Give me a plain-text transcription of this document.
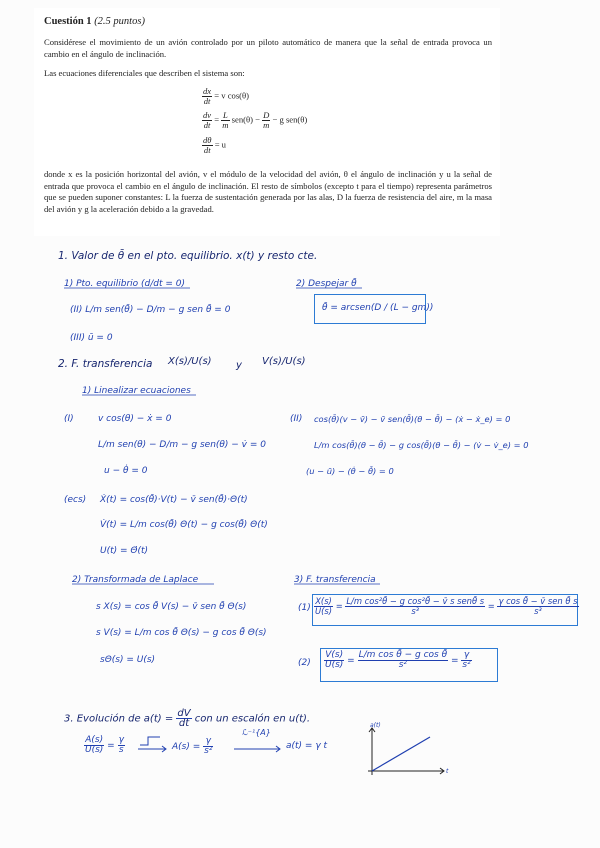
Cuestión 1 (2.5 puntos)
Considérese el movimiento de un avión controlado por un piloto automático de manera que la señal de entrada provoca un cambio en el ángulo de inclinación.
Las ecuaciones diferenciales que describen el sistema son:
$\frac{dx}{dt} = v$ cos(θ)
$\frac{dv}{dt} = \frac{L}{m} sen(\theta) - \frac{D}{m} - g$ sen(θ)
$\frac{d\theta}{dt} = u$
donde x es la posición horizontal del avión, v el módulo de la velocidad del avión, θ el ángulo de inclinación y u la señal de entrada que provoca el cambio en el ángulo de inclinación. El resto de símbolos (excepto t para el tiempo) representa parámetros que se pueden suponer constantes: L la fuerza de sustentación generada por las alas, D la fuerza de resistencia del aire, m la masa del avión y g la aceleración debido a la gravedad.
1. Valor de θ̄ en el pto. equilibrio. x(t) y resto cte.
1) Pto. equilibrio (d/dt = 0)	2) Despejar θ̄
(II) L/m sen(θ̄) − D/m − g sen θ̄ = 0
(III) ū = 0
θ̄ = arcsen(D / (L − gm))
2. F. transferencia X(s)/U(s) y V(s)/U(s)
1) Linealizar ecuaciones
(I)	v cos(θ) − ẋ = 0
L/m sen(θ) − D/m − g sen(θ) − v̇ = 0
u − θ̇ = 0
(II) cos(θ̄)(v − v̄) − v̄ sen(θ̄)(θ − θ̄) − (ẋ − ẋ_e) = 0
L/m cos(θ̄)(θ − θ̄) − g cos(θ̄)(θ − θ̄) − (v̇ − v̇_e) = 0
(u − ū) − (θ̇ − θ̄̇) = 0
(ecs) Ẋ(t) = cos(θ̄)·V(t) − v̄ sen(θ̄)·Θ(t)
V̇(t) = L/m cos(θ̄) Θ(t) − g cos(θ̄) Θ(t)
U(t) = Θ̇(t)
2) Transformada de Laplace
s X(s) = cos θ̄ V(s) − v̄ sen θ̄ Θ(s)
s V(s) = L/m cos θ̄ Θ(s) − g cos θ̄ Θ(s)
sΘ(s) = U(s)
3) F. transferencia
$(1) \frac{X(s)}{U(s)} = L/m$ cos²θ̄ − g cos²θ̄ − v̄ s senθ̄ s
s³	= γ cos θ̄ − v̄ sen θ̄ s
s³
$(2) \frac{V(s)}{U(s)} = \frac{\text{L/m cos θ̄ − g cos θ̄}}{\text{s²}} = \frac{\gamma}{\text{s²}}$
3. Evolución de $a(t) = \frac{dV}{dt}$ con un escalón en u(t).
$\frac{A(s)}{U(s)} = \frac{\gamma}{s}$	$A(s) = \frac{\gamma}{\text{s²}}$
ℒ⁻¹{A}
a(t) = γ t
a(t)
t
